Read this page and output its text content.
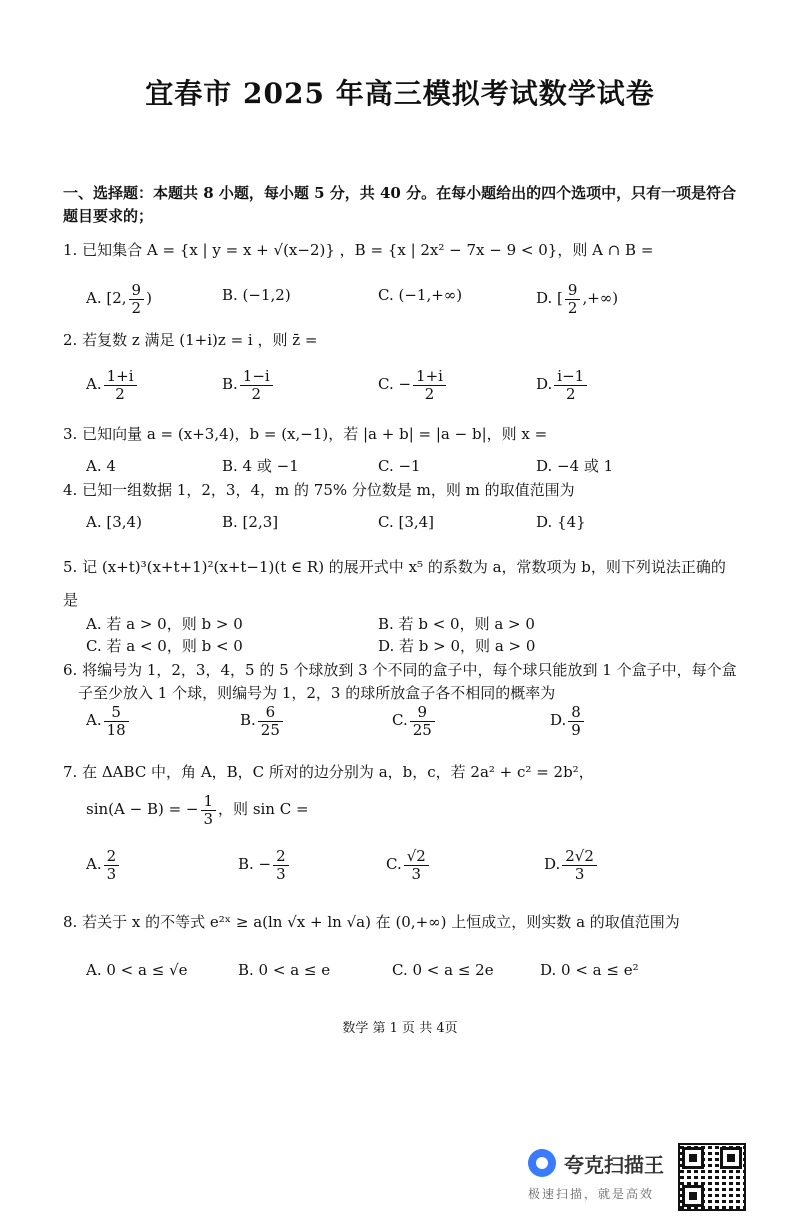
宜春市 2025 年高三模拟考试数学试卷
一、选择题：本题共 8 小题，每小题 5 分，共 40 分。在每小题给出的四个选项中，只有一项是符合
题目要求的；
1. 已知集合 A = {x | y = x + √(x−2)} ，B = {x | 2x² − 7x − 9 < 0}，则 A ∩ B =
A. [2, $\frac{9}{2}$ )	B. (−1,2)	C. (−1,+∞)	D. [ $\frac{9}{2}$ ,+∞)
2. 若复数 z 满足 (1+i)z = i ，则 z̄ =
A. $\frac{1+i}{2}$	B. $\frac{1-i}{2}$	C. − $\frac{1+i}{2}$	D. $\frac{i-1}{2}$
3. 已知向量 a = (x+3,4)，b = (x,−1)，若 |a + b| = |a − b|，则 x =
A. 4	B. 4 或 −1	C. −1	D. −4 或 1
4. 已知一组数据 1，2，3，4，m 的 75% 分位数是 m，则 m 的取值范围为
A. [3,4)	B. [2,3]	C. [3,4]	D. {4}
5. 记 (x+t)³(x+t+1)²(x+t−1)(t ∈ R) 的展开式中 x⁵ 的系数为 a，常数项为 b，则下列说法正确的
是
A. 若 a > 0，则 b > 0	B. 若 b < 0，则 a > 0
C. 若 a < 0，则 b < 0	D. 若 b > 0，则 a > 0
6. 将编号为 1，2，3，4，5 的 5 个球放到 3 个不同的盒子中，每个球只能放到 1 个盒子中，每个盒
子至少放入 1 个球，则编号为 1，2，3 的球所放盒子各不相同的概率为
A. $\frac{5}{18}$	B. $\frac{6}{25}$	C. $\frac{9}{25}$	D. $\frac{8}{9}$
7. 在 ΔABC 中，角 A，B，C 所对的边分别为 a，b，c，若 2a² + c² = 2b²，
sin(A − B) = − $\frac{1}{3}$ ，则 sin C =
A. $\frac{2}{3}$	B. − $\frac{2}{3}$	C. $\frac{√2}{3}$	D. $\frac{2√2}{3}$
8. 若关于 x 的不等式 e²ˣ ≥ a(ln √x + ln √a) 在 (0,+∞) 上恒成立，则实数 a 的取值范围为
A. 0 < a ≤ √e	B. 0 < a ≤ e	C. 0 < a ≤ 2e	D. 0 < a ≤ e²
数学 第 1 页 共 4页
夸克扫描王
极速扫描，就是高效
